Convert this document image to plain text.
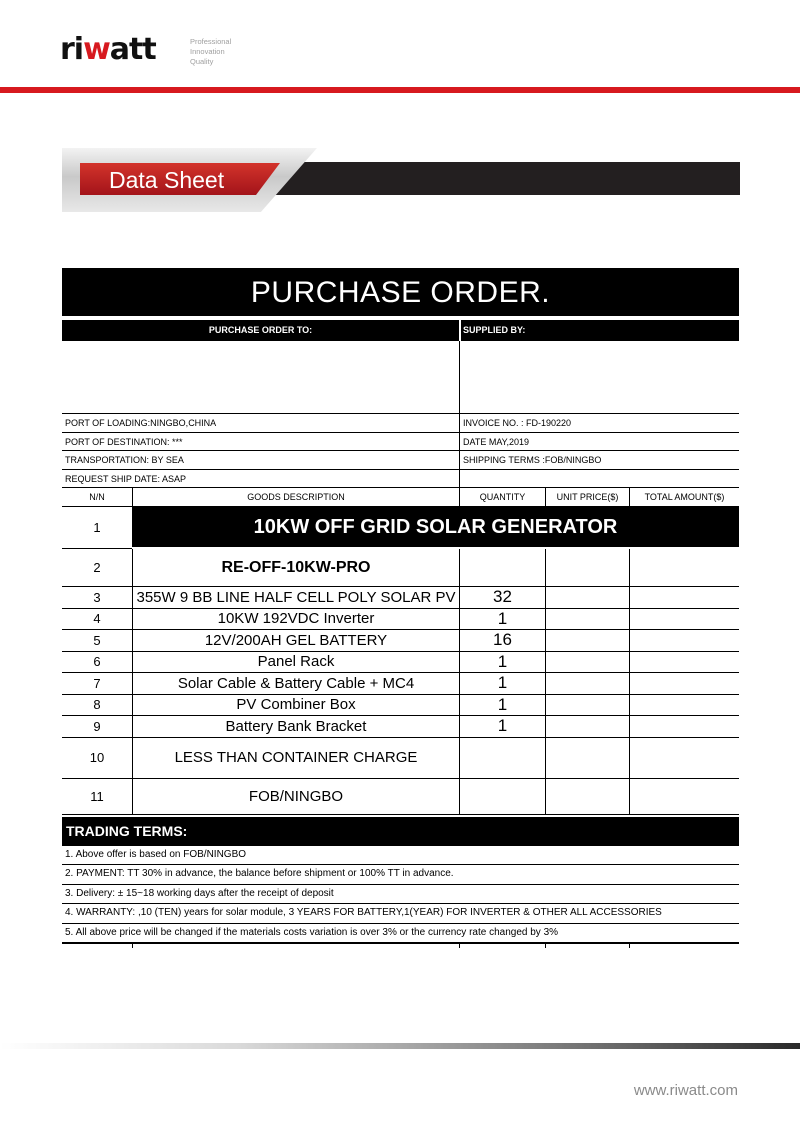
riwatt	Professional
Innovation
Quality
Data Sheet
PURCHASE ORDER.
PURCHASE ORDER TO:	SUPPLIED BY:
PORT OF LOADING:NINGBO,CHINA	INVOICE NO. : FD-190220
PORT OF DESTINATION: ***	DATE MAY,2019
TRANSPORTATION: BY SEA	SHIPPING TERMS :FOB/NINGBO
REQUEST SHIP DATE: ASAP
N/N	GOODS DESCRIPTION	QUANTITY	UNIT PRICE($)	TOTAL AMOUNT($)
1	10KW OFF GRID SOLAR GENERATOR
2	RE-OFF-10KW-PRO
3	355W 9 BB LINE HALF CELL POLY SOLAR PV	32
4	10KW 192VDC Inverter	1
5	12V/200AH GEL BATTERY	16
6	Panel Rack	1
7	Solar Cable & Battery Cable + MC4	1
8	PV Combiner Box	1
9	Battery Bank Bracket	1
10	LESS THAN CONTAINER CHARGE
11	FOB/NINGBO
TRADING TERMS:
1. Above offer is based on FOB/NINGBO
2. PAYMENT: TT 30% in advance, the balance before shipment or 100% TT in advance.
3. Delivery: ± 15~18 working days after the receipt of deposit
4. WARRANTY: ,10 (TEN) years for solar module, 3 YEARS FOR BATTERY,1(YEAR) FOR INVERTER & OTHER ALL ACCESSORIES
5. All above price will be changed if the materials costs variation is over 3% or the currency rate changed by 3%
www.riwatt.com
